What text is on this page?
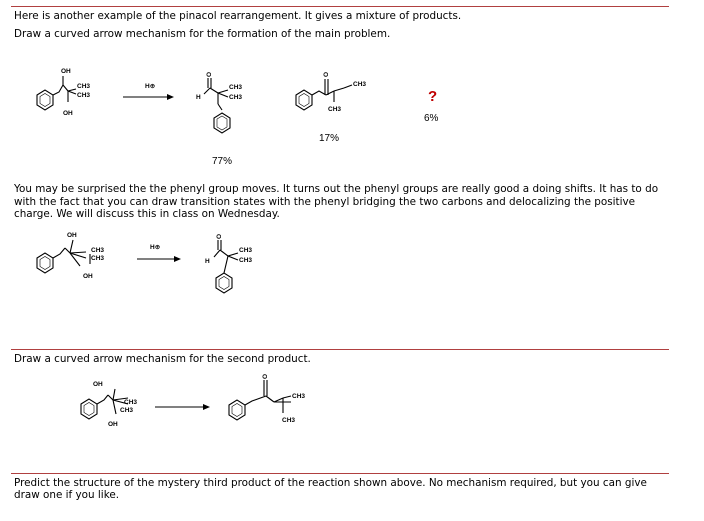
Here is another example of the pinacol rearrangement. It gives a mixture of products.
Draw a curved arrow mechanism for the formation of the main problem.
OH
OH
CH3
CH3
H⊕
O
H
CH3
CH3
77%
O
CH3
CH3
17%
?
6%
You may be surprised the the phenyl group moves. It turns out the phenyl groups are really good a doing shifts. It has to do with the fact that you can draw transition states with the phenyl bridging the two carbons and delocalizing the positive charge. We will discuss this in class on Wednesday.
OH
OH
CH3
CH3
H⊕
O
H
CH3
CH3
Draw a curved arrow mechanism for the second product.
OH
OH
CH3
CH3
O
CH3
CH3
Predict the structure of the mystery third product of the reaction shown above. No mechanism required, but you can give
draw one if you like.
